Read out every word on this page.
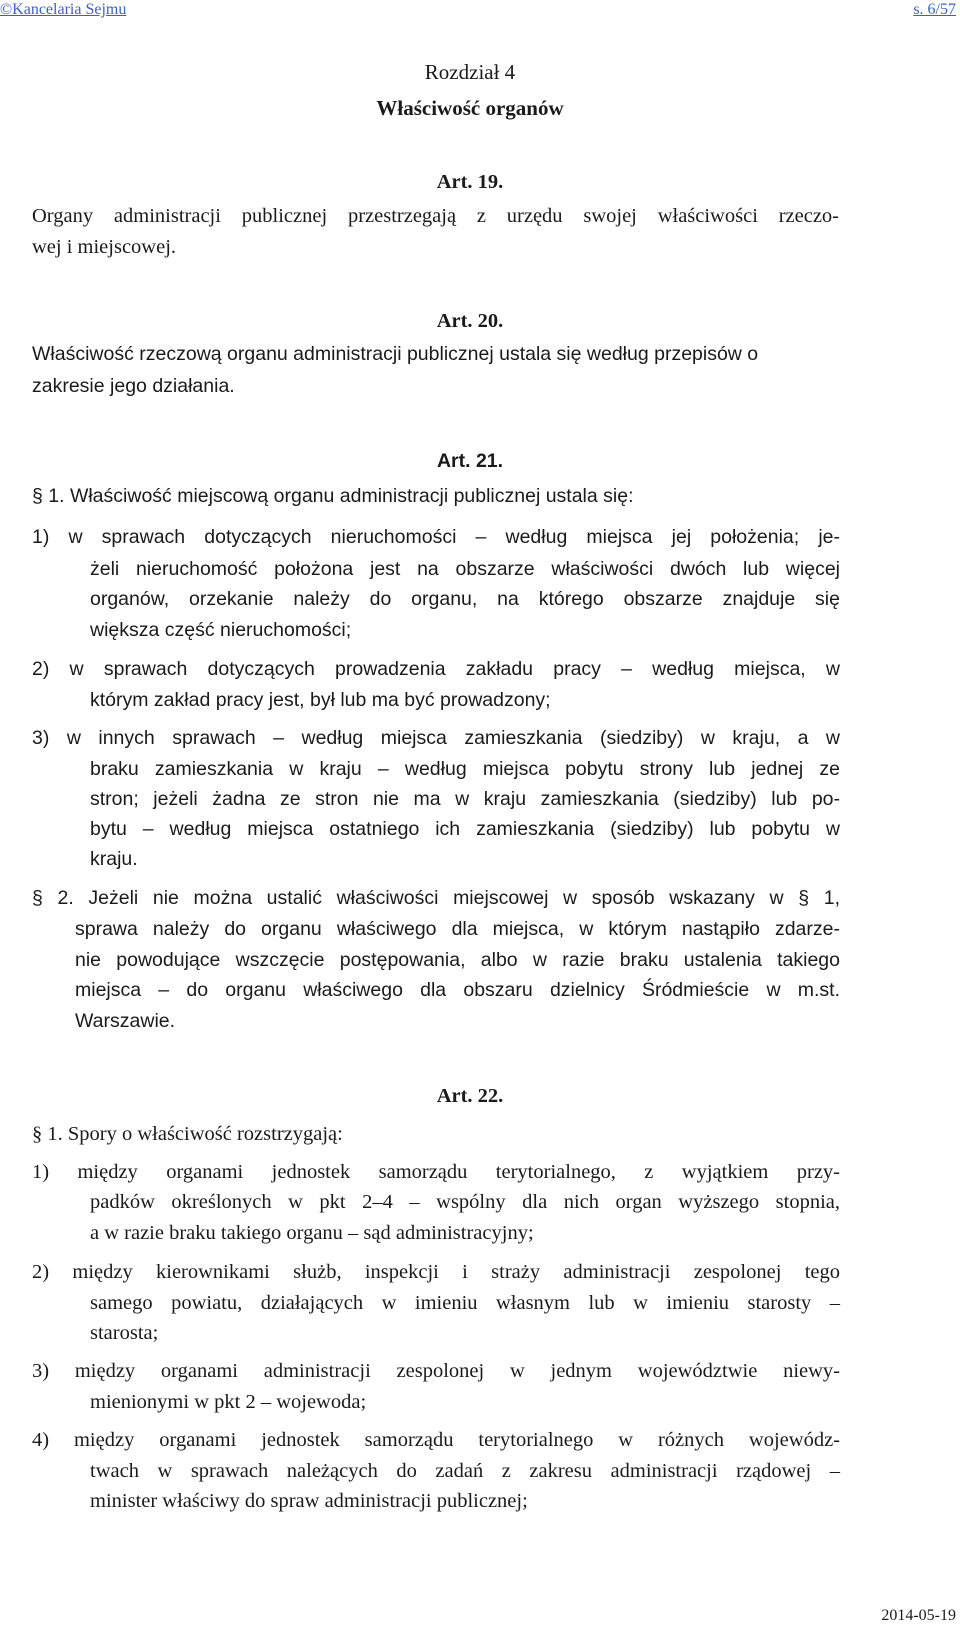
©Kancelaria Sejmu	s. 6/57
Rozdział 4
Właściwość organów
Art. 19.
Organy administracji publicznej przestrzegają z urzędu swojej właściwości rzeczo-
wej i miejscowej.
Art. 20.
Właściwość rzeczową organu administracji publicznej ustala się według przepisów o
zakresie jego działania.
Art. 21.
§ 1. Właściwość miejscową organu administracji publicznej ustala się:
1) w sprawach dotyczących nieruchomości – według miejsca jej położenia; je-
żeli nieruchomość położona jest na obszarze właściwości dwóch lub więcej
organów, orzekanie należy do organu, na którego obszarze znajduje się
większa część nieruchomości;
2) w sprawach dotyczących prowadzenia zakładu pracy – według miejsca, w
którym zakład pracy jest, był lub ma być prowadzony;
3) w innych sprawach – według miejsca zamieszkania (siedziby) w kraju, a w
braku zamieszkania w kraju – według miejsca pobytu strony lub jednej ze
stron; jeżeli żadna ze stron nie ma w kraju zamieszkania (siedziby) lub po-
bytu – według miejsca ostatniego ich zamieszkania (siedziby) lub pobytu w
kraju.
§ 2. Jeżeli nie można ustalić właściwości miejscowej w sposób wskazany w § 1,
sprawa należy do organu właściwego dla miejsca, w którym nastąpiło zdarze-
nie powodujące wszczęcie postępowania, albo w razie braku ustalenia takiego
miejsca – do organu właściwego dla obszaru dzielnicy Śródmieście w m.st.
Warszawie.
Art. 22.
§ 1. Spory o właściwość rozstrzygają:
1) między organami jednostek samorządu terytorialnego, z wyjątkiem przy-
padków określonych w pkt 2–4 – wspólny dla nich organ wyższego stopnia,
a w razie braku takiego organu – sąd administracyjny;
2) między kierownikami służb, inspekcji i straży administracji zespolonej tego
samego powiatu, działających w imieniu własnym lub w imieniu starosty –
starosta;
3) między organami administracji zespolonej w jednym województwie niewy-
mienionymi w pkt 2 – wojewoda;
4) między organami jednostek samorządu terytorialnego w różnych wojewódz-
twach w sprawach należących do zadań z zakresu administracji rządowej –
minister właściwy do spraw administracji publicznej;
2014-05-19
